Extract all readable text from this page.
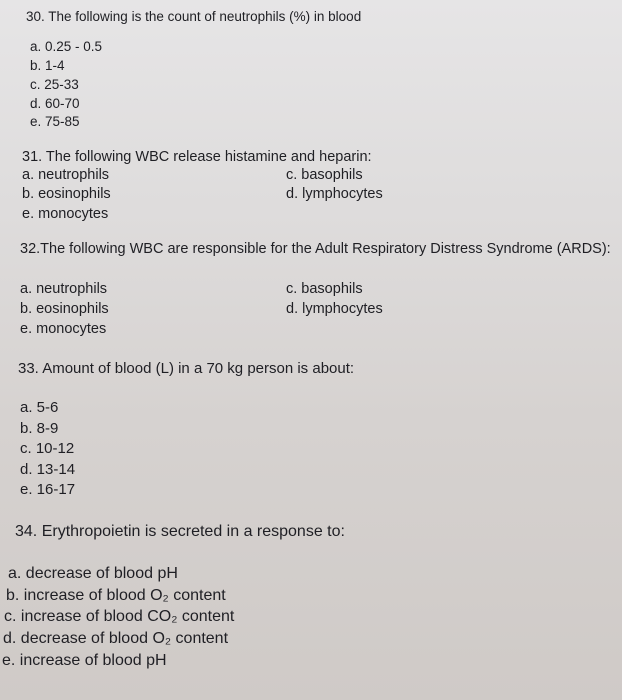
30. The following is the count of neutrophils (%) in blood
a. 0.25 - 0.5
b. 1-4
c. 25-33
d. 60-70
e. 75-85
31. The following WBC release histamine and heparin:
a. neutrophils	c. basophils
b. eosinophils	d. lymphocytes
e. monocytes
32.The following WBC are responsible for the Adult Respiratory Distress Syndrome (ARDS):
a. neutrophils	c. basophils
b. eosinophils	d. lymphocytes
e. monocytes
33. Amount of blood (L) in a 70 kg person is about:
a. 5-6
b. 8-9
c. 10-12
d. 13-14
e. 16-17
34. Erythropoietin is secreted in a response to:
a. decrease of blood pH
b. increase of blood O₂ content
c. increase of blood CO₂ content
d. decrease of blood O₂ content
e. increase of blood pH
